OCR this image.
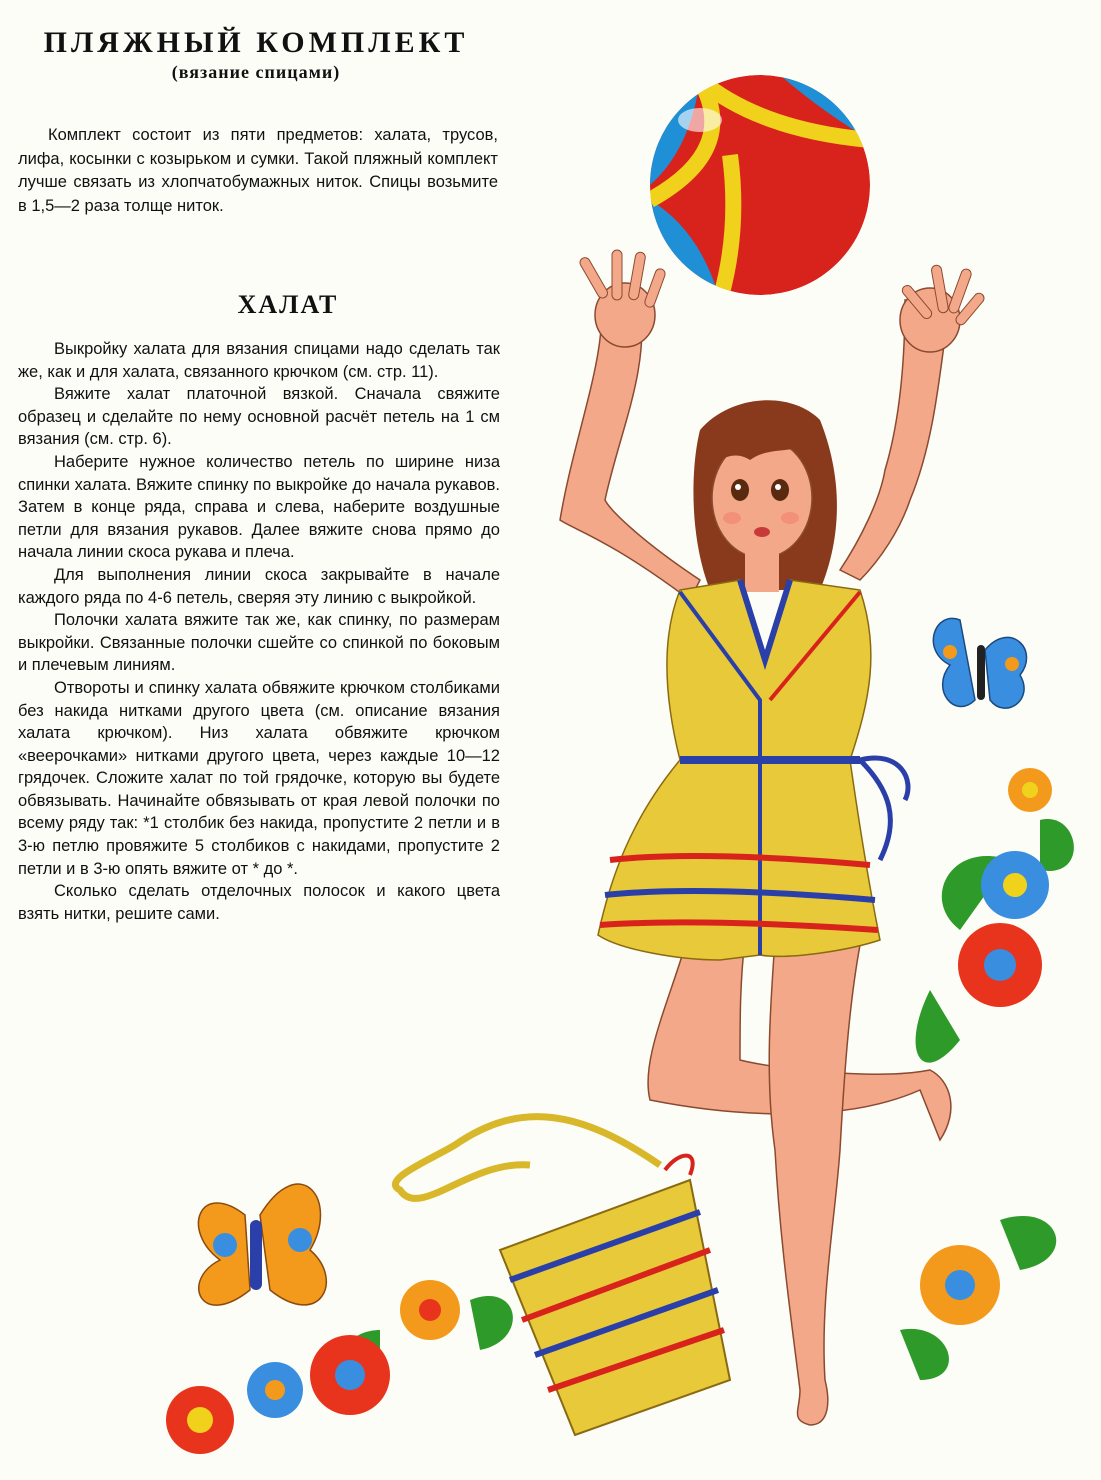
ПЛЯЖНЫЙ КОМПЛЕКТ
(вязание спицами)

Комплект состоит из пяти предметов: халата, трусов, лифа, косынки с козырьком и сумки. Такой пляжный комплект лучше связать из хлопчатобумажных ниток. Спицы возьмите в 1,5—2 раза толще ниток.

ХАЛАТ

Выкройку халата для вязания спицами надо сделать так же, как и для халата, связанного крючком (см. стр. 11).

Вяжите халат платочной вязкой. Сначала свяжите образец и сделайте по нему основной расчёт петель на 1 см вязания (см. стр. 6).

Наберите нужное количество петель по ширине низа спинки халата. Вяжите спинку по выкройке до начала рукавов. Затем в конце ряда, справа и слева, наберите воздушные петли для вязания рукавов. Далее вяжите снова прямо до начала линии скоса рукава и плеча.

Для выполнения линии скоса закрывайте в начале каждого ряда по 4-6 петель, сверяя эту линию с выкройкой.

Полочки халата вяжите так же, как спинку, по размерам выкройки. Связанные полочки сшейте со спинкой по боковым и плечевым линиям.

Отвороты и спинку халата обвяжите крючком столбиками без накида нитками другого цвета (см. описание вязания халата крючком). Низ халата обвяжите крючком «веерочками» нитками другого цвета, через каждые 10—12 грядочек. Сложите халат по той грядочке, которую вы будете обвязывать. Начинайте обвязывать от края левой полочки по всему ряду так: *1 столбик без накида, пропустите 2 петли и в 3-ю петлю провяжите 5 столбиков с накидами, пропустите 2 петли и в 3-ю опять вяжите от * до *.

Сколько сделать отделочных полосок и какого цвета взять нитки, решите сами.
